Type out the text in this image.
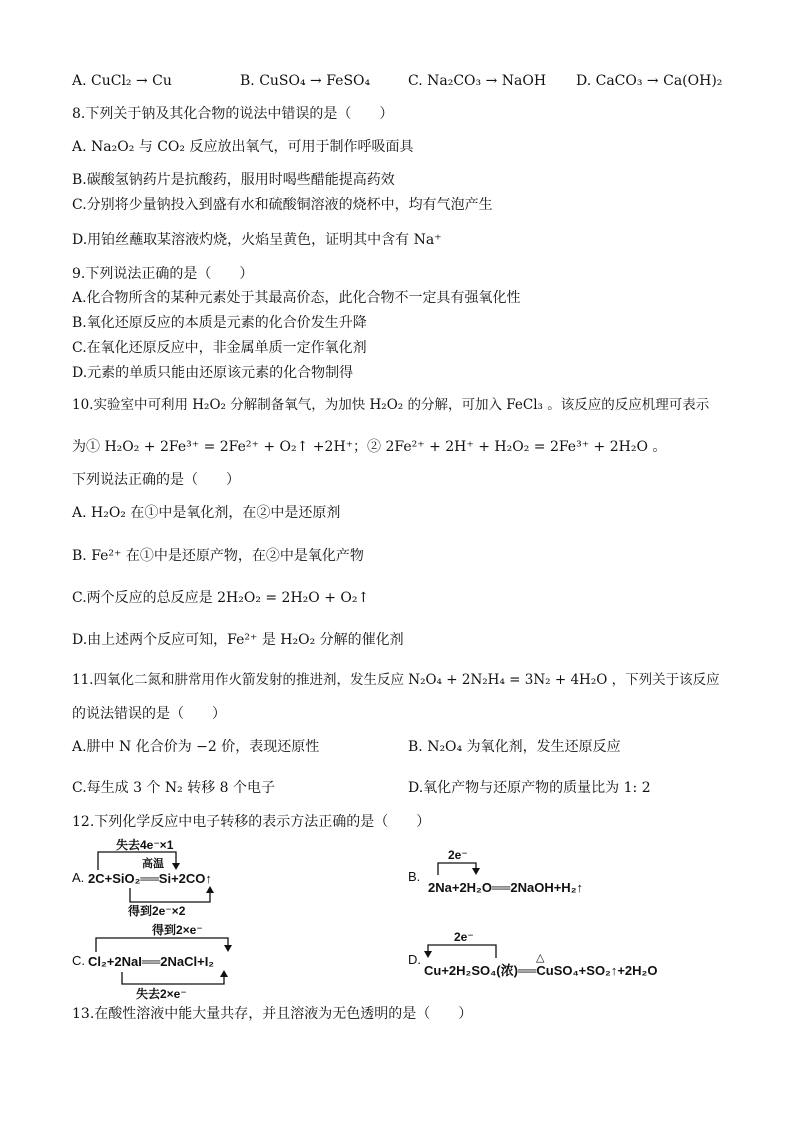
A. CuCl₂ → Cu	B. CuSO₄ → FeSO₄	C. Na₂CO₃ → NaOH D. CaCO₃ → Ca(OH)₂
8.下列关于钠及其化合物的说法中错误的是（　　）
A. Na₂O₂ 与 CO₂ 反应放出氧气，可用于制作呼吸面具
B.碳酸氢钠药片是抗酸药，服用时喝些醋能提高药效
C.分别将少量钠投入到盛有水和硫酸铜溶液的烧杯中，均有气泡产生
D.用铂丝蘸取某溶液灼烧，火焰呈黄色，证明其中含有 Na⁺
9.下列说法正确的是（　　）
A.化合物所含的某种元素处于其最高价态，此化合物不一定具有强氧化性
B.氧化还原反应的本质是元素的化合价发生升降
C.在氧化还原反应中，非金属单质一定作氧化剂
D.元素的单质只能由还原该元素的化合物制得
10.实验室中可利用 H₂O₂ 分解制备氧气，为加快 H₂O₂ 的分解，可加入 FeCl₃ 。该反应的反应机理可表示
为① H₂O₂ + 2Fe³⁺ = 2Fe²⁺ + O₂↑ +2H⁺；② 2Fe²⁺ + 2H⁺ + H₂O₂ = 2Fe³⁺ + 2H₂O 。
下列说法正确的是（　　）
A. H₂O₂ 在①中是氧化剂，在②中是还原剂
B. Fe²⁺ 在①中是还原产物，在②中是氧化产物
C.两个反应的总反应是 2H₂O₂ = 2H₂O + O₂↑
D.由上述两个反应可知，Fe²⁺ 是 H₂O₂ 分解的催化剂
11.四氧化二氮和肼常用作火箭发射的推进剂，发生反应 N₂O₄ + 2N₂H₄ = 3N₂ + 4H₂O ，下列关于该反应
的说法错误的是（　　）
A.肼中 N 化合价为 −2 价，表现还原性	B. N₂O₄ 为氧化剂，发生还原反应
C.每生成 3 个 N₂ 转移 8 个电子	D.氧化产物与还原产物的质量比为 1: 2
12.下列化学反应中电子转移的表示方法正确的是（　　）
A.
失去4e⁻×1
高温
2C+SiO₂══Si+2CO↑
得到2e⁻×2
B.
2e⁻
2Na+2H₂O══2NaOH+H₂↑
C.
得到2×e⁻
Cl₂+2NaI══2NaCl+I₂
失去2×e⁻
D.
2e⁻
△
Cu+2H₂SO₄(浓)══CuSO₄+SO₂↑+2H₂O
13.在酸性溶液中能大量共存，并且溶液为无色透明的是（　　）
